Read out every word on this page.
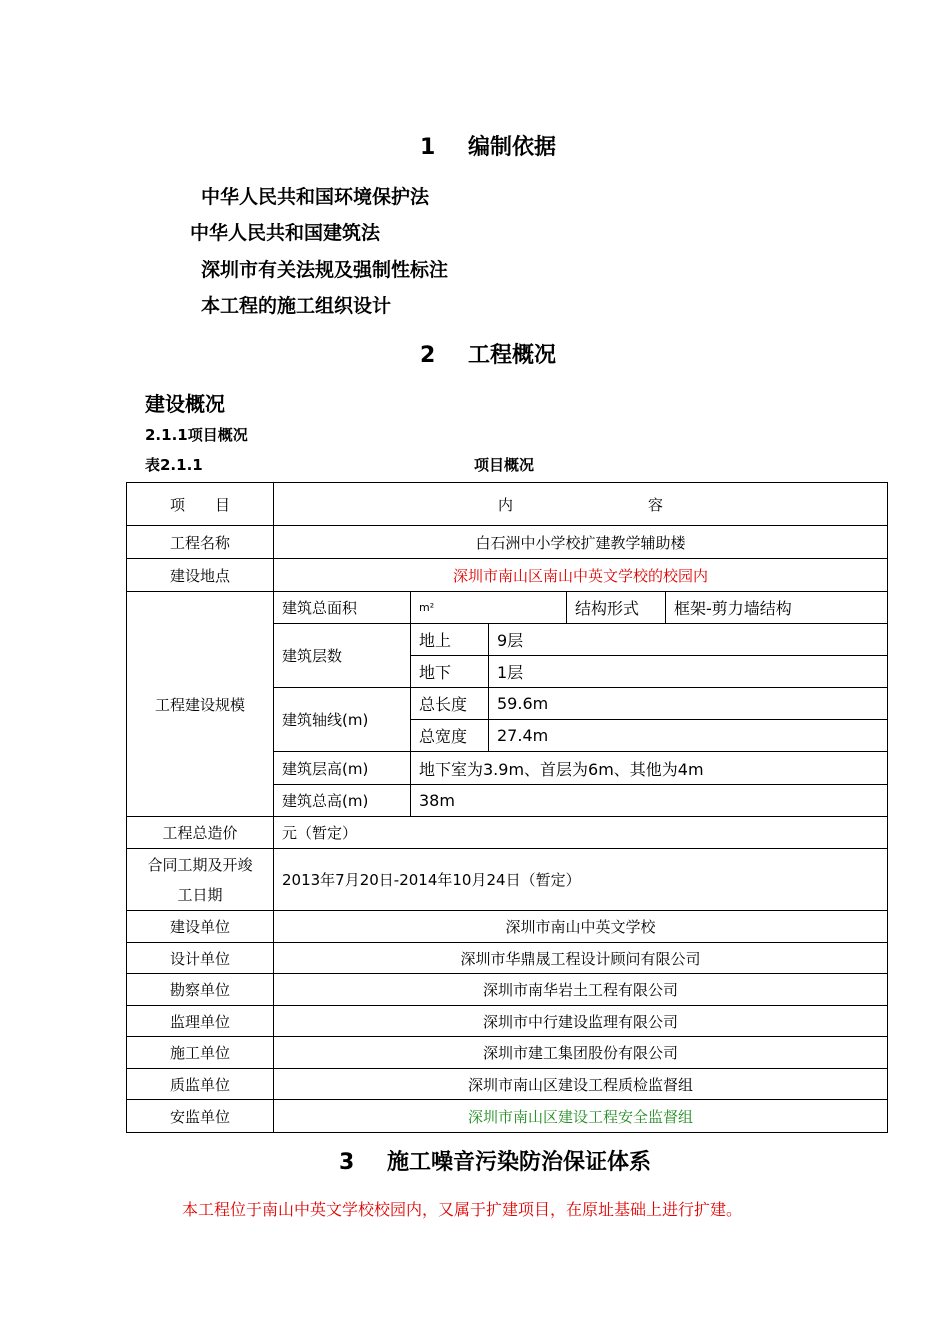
1 编制依据
中华人民共和国环境保护法
中华人民共和国建筑法
深圳市有关法规及强制性标注
本工程的施工组织设计
2 工程概况
建设概况
2.1.1项目概况
表2.1.1	项目概况
项　　目	内　　　　　　　　　容				
工程名称	白石洲中小学校扩建教学辅助楼				
建设地点	深圳市南山区南山中英文学校的校园内				
工程建设规模	建筑总面积	m²		结构形式	框架-剪力墙结构
	建筑层数	地上	9层		
		地下	1层		
	建筑轴线(m)	总长度	59.6m		
		总宽度	27.4m		
	建筑层高(m)	地下室为3.9m、首层为6m、其他为4m			
	建筑总高(m)	38m			
工程总造价	元（暂定）				

合同工期及开竣
工日期	2013年7月20日-2014年10月24日（暂定）				
建设单位	深圳市南山中英文学校				
设计单位	深圳市华鼎晟工程设计顾问有限公司				
勘察单位	深圳市南华岩土工程有限公司				
监理单位	深圳市中行建设监理有限公司				
施工单位	深圳市建工集团股份有限公司				
质监单位	深圳市南山区建设工程质检监督组				
安监单位	深圳市南山区建设工程安全监督组				
3 施工噪音污染防治保证体系
本工程位于南山中英文学校校园内，又属于扩建项目，在原址基础上进行扩建。
